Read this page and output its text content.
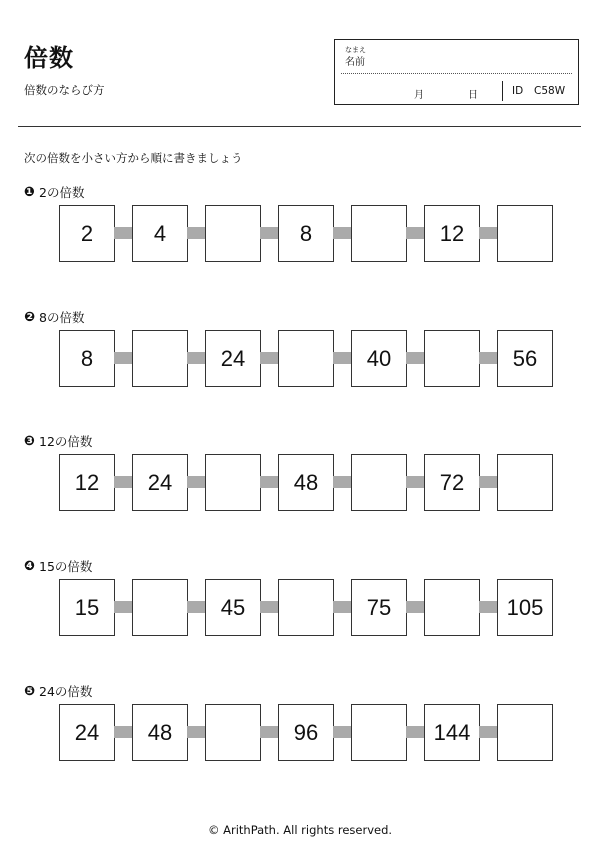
倍数
倍数のならび方
なまえ
名前
月	日	ID C58W
次の倍数を小さい方から順に書きましょう
❶ 2の倍数
2	4	8	12
❷ 8の倍数
8	24	40	56
❸ 12の倍数
12	24	48	72
❹ 15の倍数
15	45	75	105
❺ 24の倍数
24	48	96	144
© ArithPath. All rights reserved.
